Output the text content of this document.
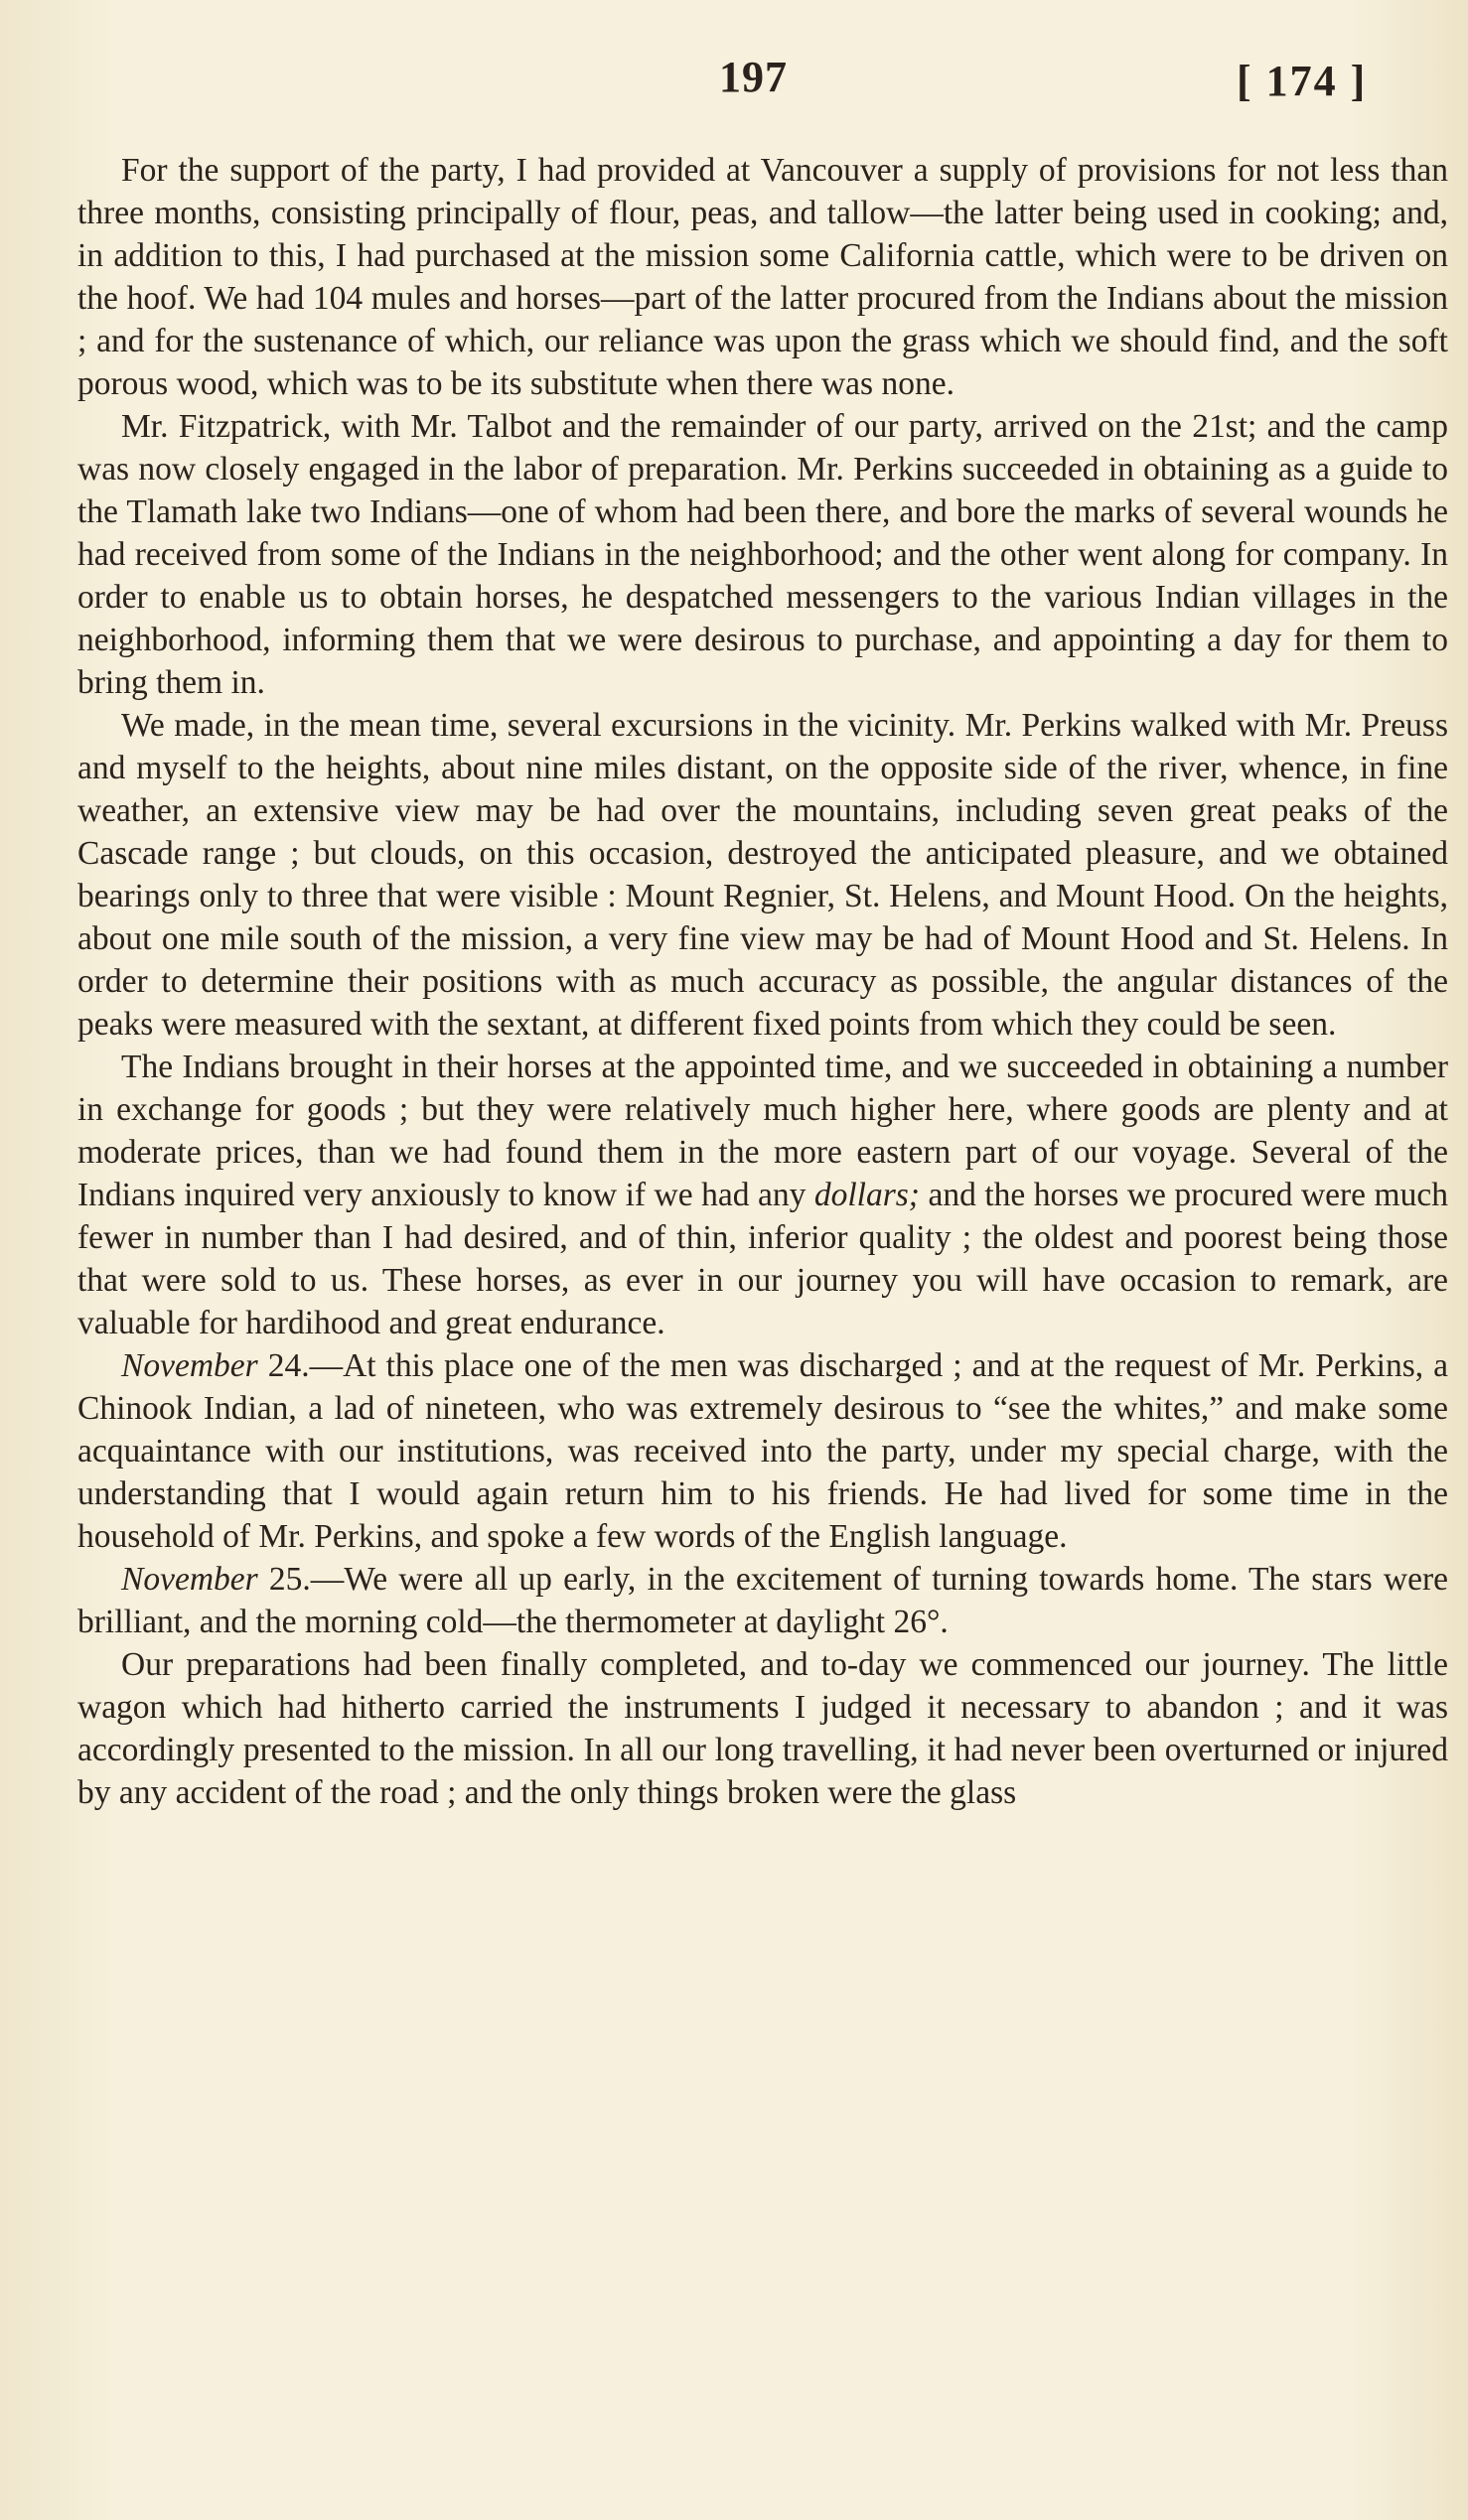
197	[ 174 ]

For the support of the party, I had provided at Vancouver a supply of provisions for not less than three months, consisting principally of flour, peas, and tallow—the latter being used in cooking; and, in addition to this, I had purchased at the mission some California cattle, which were to be driven on the hoof. We had 104 mules and horses—part of the latter procured from the Indians about the mission ; and for the sustenance of which, our reliance was upon the grass which we should find, and the soft porous wood, which was to be its substitute when there was none.

Mr. Fitzpatrick, with Mr. Talbot and the remainder of our party, arrived on the 21st; and the camp was now closely engaged in the labor of preparation. Mr. Perkins succeeded in obtaining as a guide to the Tlamath lake two Indians—one of whom had been there, and bore the marks of several wounds he had received from some of the Indians in the neighborhood; and the other went along for company. In order to enable us to obtain horses, he despatched messengers to the various Indian villages in the neighborhood, informing them that we were desirous to purchase, and appointing a day for them to bring them in.

We made, in the mean time, several excursions in the vicinity. Mr. Perkins walked with Mr. Preuss and myself to the heights, about nine miles distant, on the opposite side of the river, whence, in fine weather, an extensive view may be had over the mountains, including seven great peaks of the Cascade range ; but clouds, on this occasion, destroyed the anticipated pleasure, and we obtained bearings only to three that were visible : Mount Regnier, St. Helens, and Mount Hood. On the heights, about one mile south of the mission, a very fine view may be had of Mount Hood and St. Helens. In order to determine their positions with as much accuracy as possible, the angular distances of the peaks were measured with the sextant, at different fixed points from which they could be seen.

The Indians brought in their horses at the appointed time, and we succeeded in obtaining a number in exchange for goods ; but they were relatively much higher here, where goods are plenty and at moderate prices, than we had found them in the more eastern part of our voyage. Several of the Indians inquired very anxiously to know if we had any dollars; and the horses we procured were much fewer in number than I had desired, and of thin, inferior quality ; the oldest and poorest being those that were sold to us. These horses, as ever in our journey you will have occasion to remark, are valuable for hardihood and great endurance.

November 24.—At this place one of the men was discharged ; and at the request of Mr. Perkins, a Chinook Indian, a lad of nineteen, who was extremely desirous to “see the whites,” and make some acquaintance with our institutions, was received into the party, under my special charge, with the understanding that I would again return him to his friends. He had lived for some time in the household of Mr. Perkins, and spoke a few words of the English language.

November 25.—We were all up early, in the excitement of turning towards home. The stars were brilliant, and the morning cold—the thermometer at daylight 26°.

Our preparations had been finally completed, and to-day we commenced our journey. The little wagon which had hitherto carried the instruments I judged it necessary to abandon ; and it was accordingly presented to the mission. In all our long travelling, it had never been overturned or injured by any accident of the road ; and the only things broken were the glass
